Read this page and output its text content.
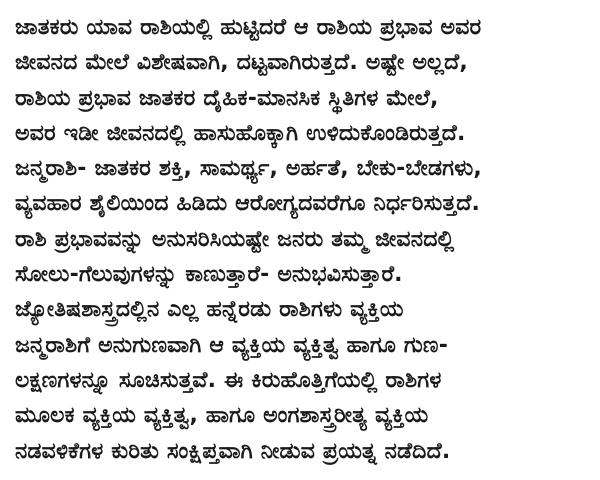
ಜಾತಕರು ಯಾವ ರಾಶಿಯಲ್ಲಿ ಹುಟ್ಟಿದರೆ ಆ ರಾಶಿಯ ಪ್ರಭಾವ ಅವರ
ಜೀವನದ ಮೇಲೆ ವಿಶೇಷವಾಗಿ, ದಟ್ಟವಾಗಿರುತ್ತದೆ. ಅಷ್ಟೇ ಅಲ್ಲದೆ,
ರಾಶಿಯ ಪ್ರಭಾವ ಜಾತಕರ ದೈಹಿಕ-ಮಾನಸಿಕ ಸ್ಥಿತಿಗಳ ಮೇಲೆ,
ಅವರ ಇಡೀ ಜೀವನದಲ್ಲಿ ಹಾಸುಹೊಕ್ಕಾಗಿ ಉಳಿದುಕೊಂಡಿರುತ್ತದೆ.
ಜನ್ಮರಾಶಿ- ಜಾತಕರ ಶಕ್ತಿ, ಸಾಮರ್ಥ್ಯ, ಅರ್ಹತೆ, ಬೇಕು-ಬೇಡಗಳು,
ವ್ಯವಹಾರ ಶೈಲಿಯಿಂದ ಹಿಡಿದು ಆರೋಗ್ಯದವರೆಗೂ ನಿರ್ಧರಿಸುತ್ತದೆ.
ರಾಶಿ ಪ್ರಭಾವವನ್ನು ಅನುಸರಿಸಿಯಷ್ಟೇ ಜನರು ತಮ್ಮ ಜೀವನದಲ್ಲಿ
ಸೋಲು-ಗೆಲುವುಗಳನ್ನು ಕಾಣುತ್ತಾರೆ- ಅನುಭವಿಸುತ್ತಾರೆ.
ಜ್ಯೋತಿಷಶಾಸ್ತ್ರದಲ್ಲಿನ ಎಲ್ಲ ಹನ್ನೆರಡು ರಾಶಿಗಳು ವ್ಯಕ್ತಿಯ
ಜನ್ಮರಾಶಿಗೆ ಅನುಗುಣವಾಗಿ ಆ ವ್ಯಕ್ತಿಯ ವ್ಯಕ್ತಿತ್ವ ಹಾಗೂ ಗುಣ-
ಲಕ್ಷಣಗಳನ್ನೂ ಸೂಚಿಸುತ್ತವೆ. ಈ ಕಿರುಹೊತ್ತಿಗೆಯಲ್ಲಿ ರಾಶಿಗಳ
ಮೂಲಕ ವ್ಯಕ್ತಿಯ ವ್ಯಕ್ತಿತ್ವ, ಹಾಗೂ ಅಂಗಶಾಸ್ತ್ರರೀತ್ಯ ವ್ಯಕ್ತಿಯ
ನಡವಳಿಕೆಗಳ ಕುರಿತು ಸಂಕ್ಷಿಪ್ತವಾಗಿ ನೀಡುವ ಪ್ರಯತ್ನ ನಡೆದಿದೆ.
